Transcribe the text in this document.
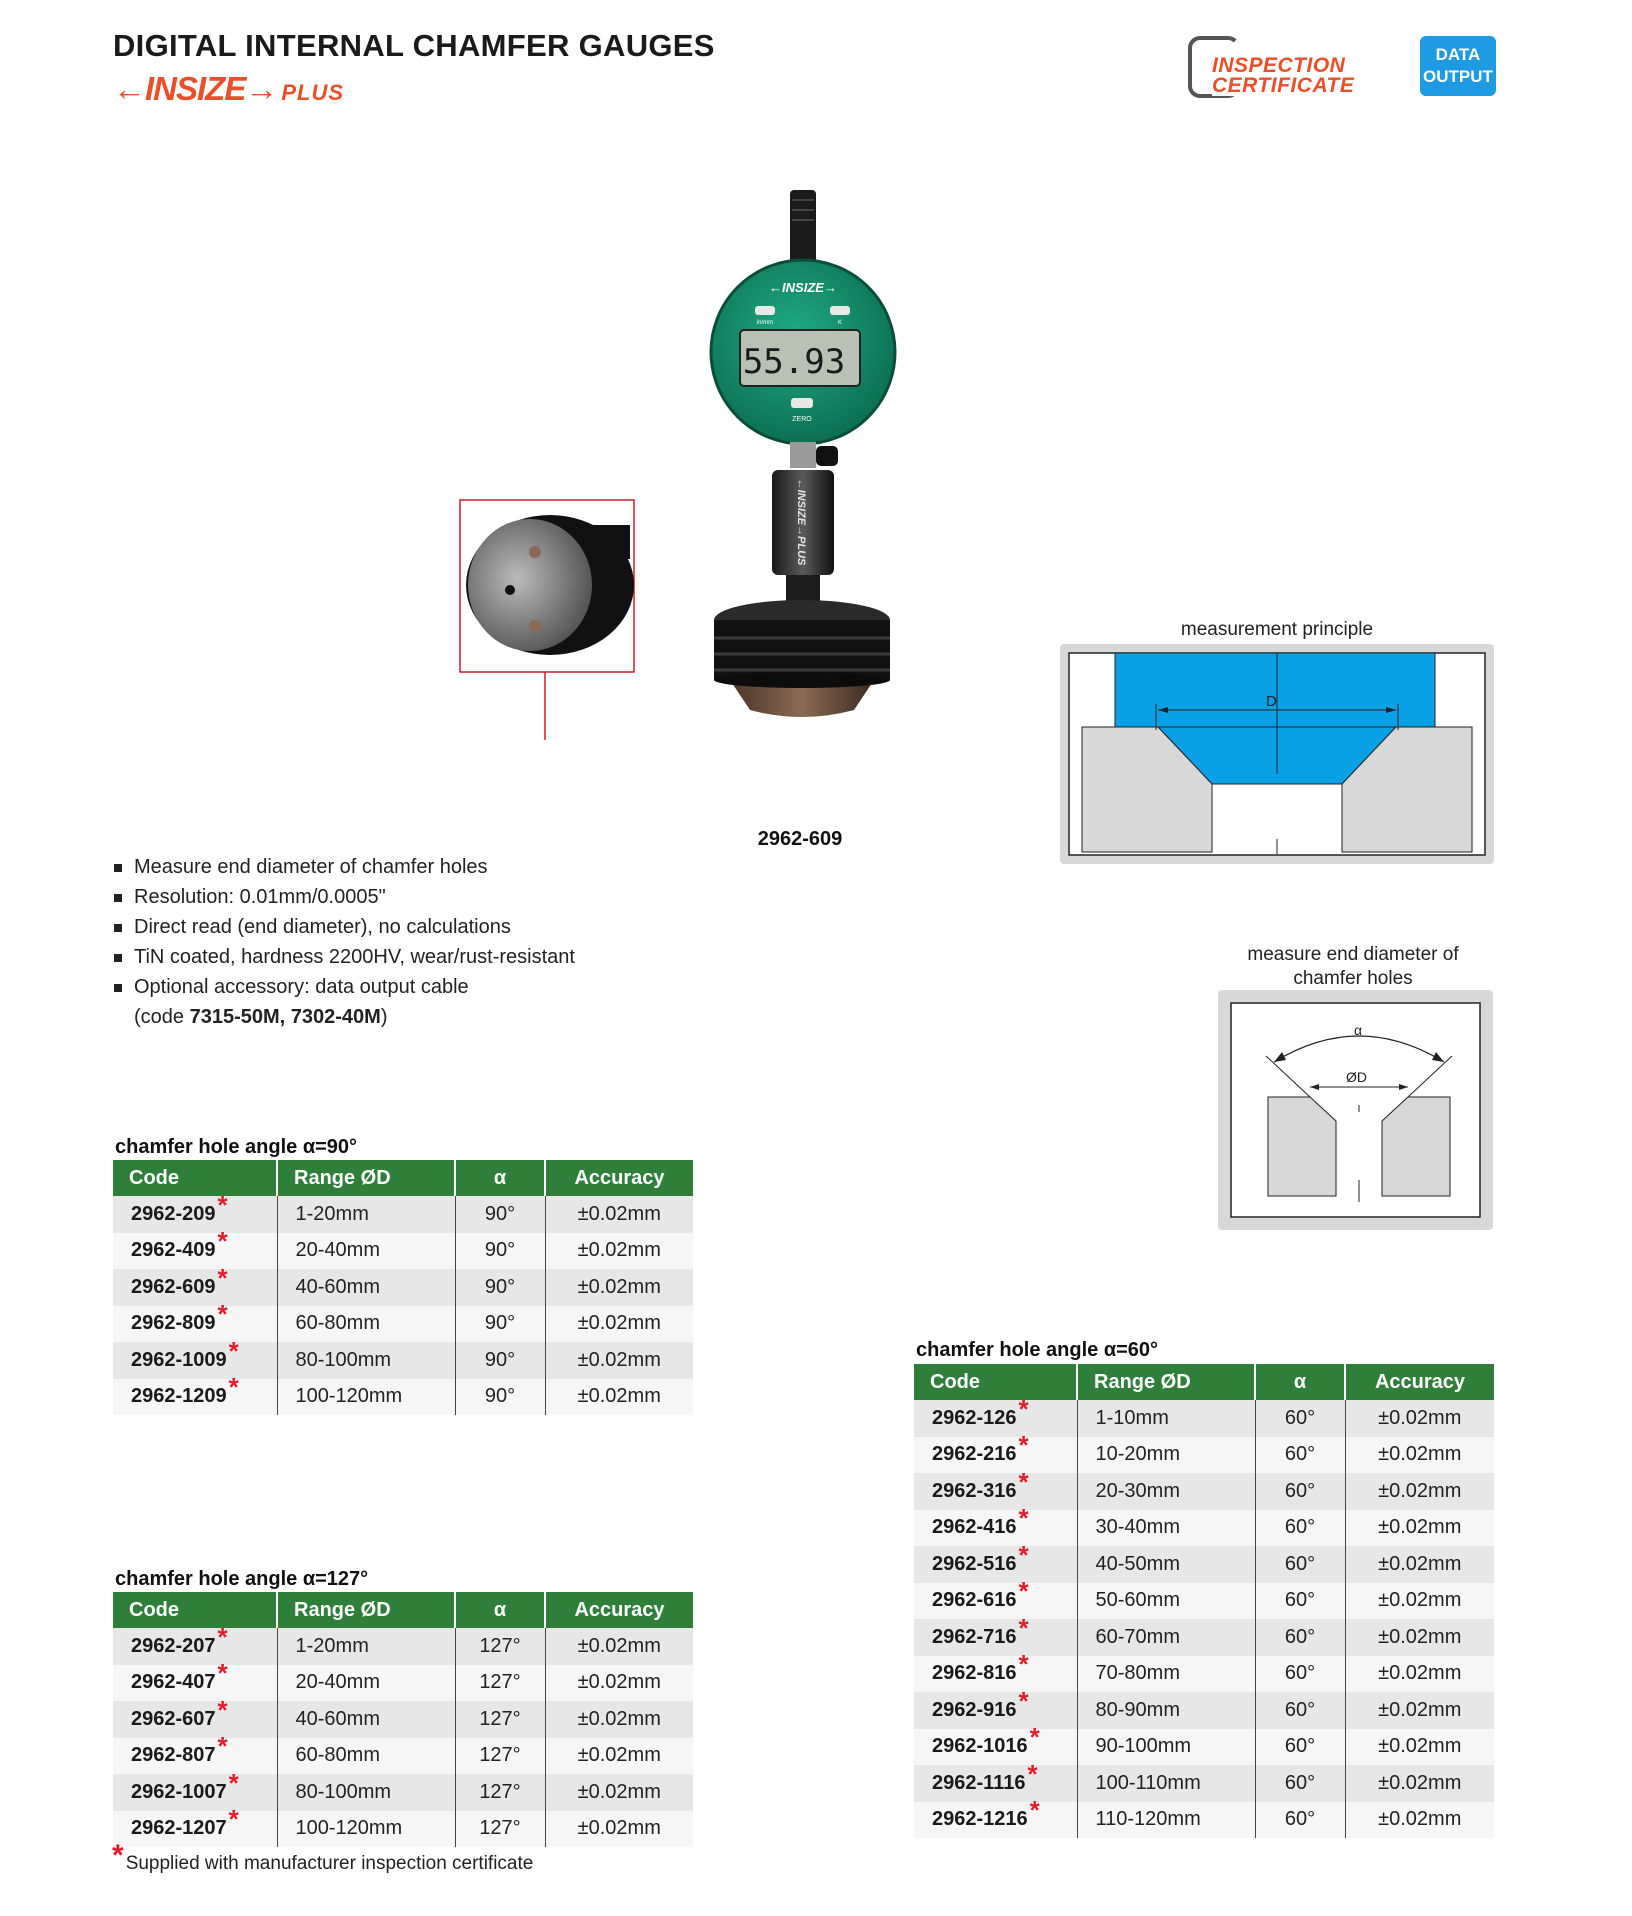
DIGITAL INTERNAL CHAMFER GAUGES
←INSIZE→ PLUS
INSPECTION
CERTIFICATE
DATA
OUTPUT
←INSIZE→
in/mm	K
55.93
ZERO
←INSIZE→PLUS
2962-609
Measure end diameter of chamfer holes
Resolution: 0.01mm/0.0005"
Direct read (end diameter), no calculations
TiN coated, hardness 2200HV, wear/rust-resistant
Optional accessory: data output cable
(code 7315-50M, 7302-40M)
measurement principle
D
measure end diameter of
chamfer holes
α
ØD
chamfer hole angle α=90°
chamfer hole angle α=127°
chamfer hole angle α=60°
Code	Range ØD	α	Accuracy
2962-209*	1-20mm	90°	±0.02mm
2962-409*	20-40mm	90°	±0.02mm
2962-609*	40-60mm	90°	±0.02mm
2962-809*	60-80mm	90°	±0.02mm
2962-1009*	80-100mm	90°	±0.02mm
2962-1209*	100-120mm	90°	±0.02mm
Code	Range ØD	α	Accuracy
2962-207*	1-20mm	127°	±0.02mm
2962-407*	20-40mm	127°	±0.02mm
2962-607*	40-60mm	127°	±0.02mm
2962-807*	60-80mm	127°	±0.02mm
2962-1007*	80-100mm	127°	±0.02mm
2962-1207*	100-120mm	127°	±0.02mm
Code	Range ØD	α	Accuracy
2962-126*	1-10mm	60°	±0.02mm
2962-216*	10-20mm	60°	±0.02mm
2962-316*	20-30mm	60°	±0.02mm
2962-416*	30-40mm	60°	±0.02mm
2962-516*	40-50mm	60°	±0.02mm
2962-616*	50-60mm	60°	±0.02mm
2962-716*	60-70mm	60°	±0.02mm
2962-816*	70-80mm	60°	±0.02mm
2962-916*	80-90mm	60°	±0.02mm
2962-1016*	90-100mm	60°	±0.02mm
2962-1116*	100-110mm	60°	±0.02mm
2962-1216*	110-120mm	60°	±0.02mm
* Supplied with manufacturer inspection certificate
